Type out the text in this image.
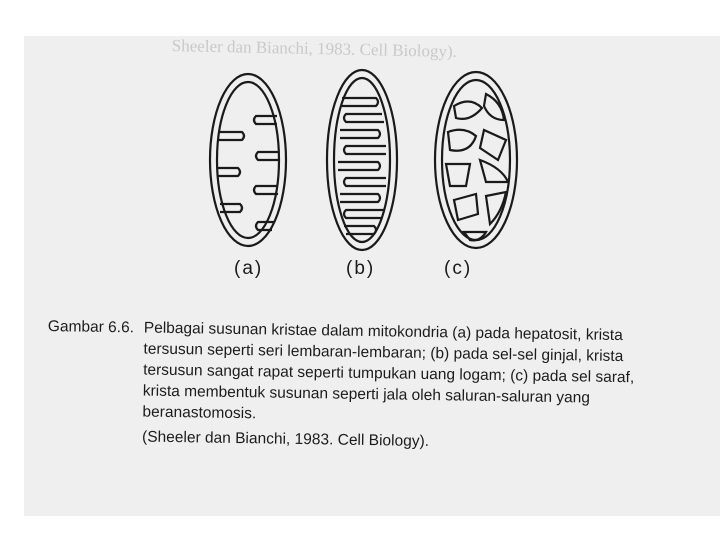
Sheeler dan Bianchi, 1983. Cell Biology).
(a)	(b)	(c)
Gambar 6.6. Pelbagai susunan kristae dalam mitokondria (a) pada hepatosit, krista
tersusun seperti seri lembaran-lembaran; (b) pada sel-sel ginjal, krista
tersusun sangat rapat seperti tumpukan uang logam; (c) pada sel saraf,
krista membentuk susunan seperti jala oleh saluran-saluran yang
beranastomosis.
(Sheeler dan Bianchi, 1983. Cell Biology).
